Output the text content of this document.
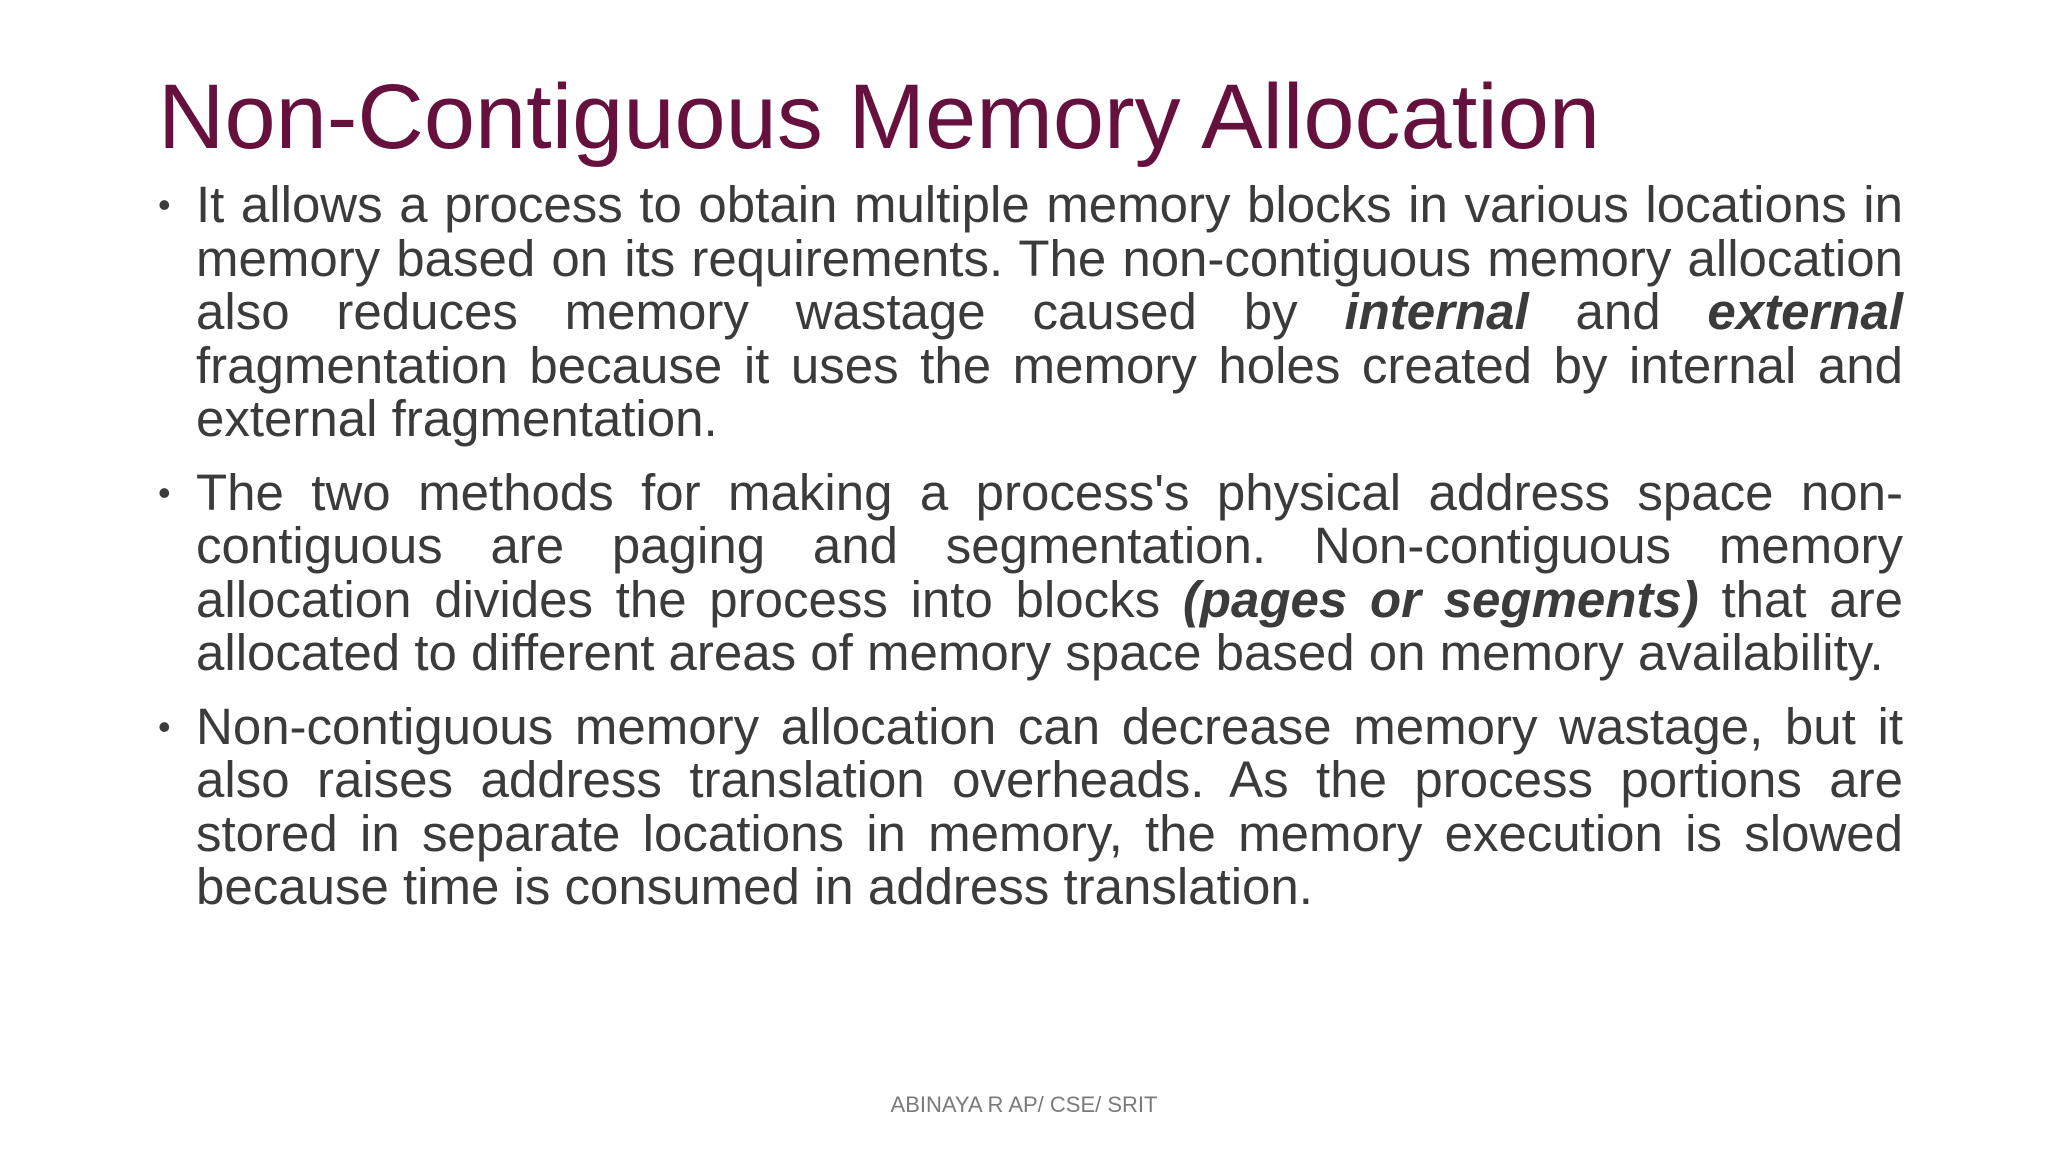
Non-Contiguous Memory Allocation
• It allows a process to obtain multiple memory blocks in various locations in memory based on its requirements. The non-contiguous memory allocation also reduces memory wastage caused by internal and external fragmentation because it uses the memory holes created by internal and external fragmentation.
• The two methods for making a process's physical address space non-contiguous are paging and segmentation. Non-contiguous memory allocation divides the process into blocks (pages or segments) that are allocated to different areas of memory space based on memory availability.
• Non-contiguous memory allocation can decrease memory wastage, but it also raises address translation overheads. As the process portions are stored in separate locations in memory, the memory execution is slowed because time is consumed in address translation.
ABINAYA R AP/ CSE/ SRIT
